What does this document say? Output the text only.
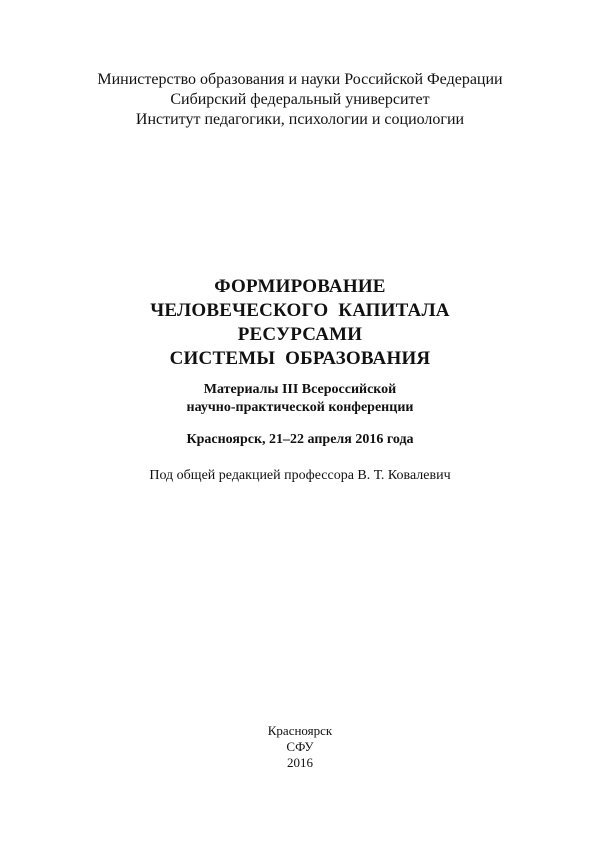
Министерство образования и науки Российской Федерации
Сибирский федеральный университет
Институт педагогики, психологии и социологии
ФОРМИРОВАНИЕ
ЧЕЛОВЕЧЕСКОГО  КАПИТАЛА
РЕСУРСАМИ
СИСТЕМЫ  ОБРАЗОВАНИЯ
Материалы III Всероссийской
научно-практической конференции
Красноярск, 21–22 апреля 2016 года
Под общей редакцией профессора В. Т. Ковалевич
Красноярск
СФУ
2016
